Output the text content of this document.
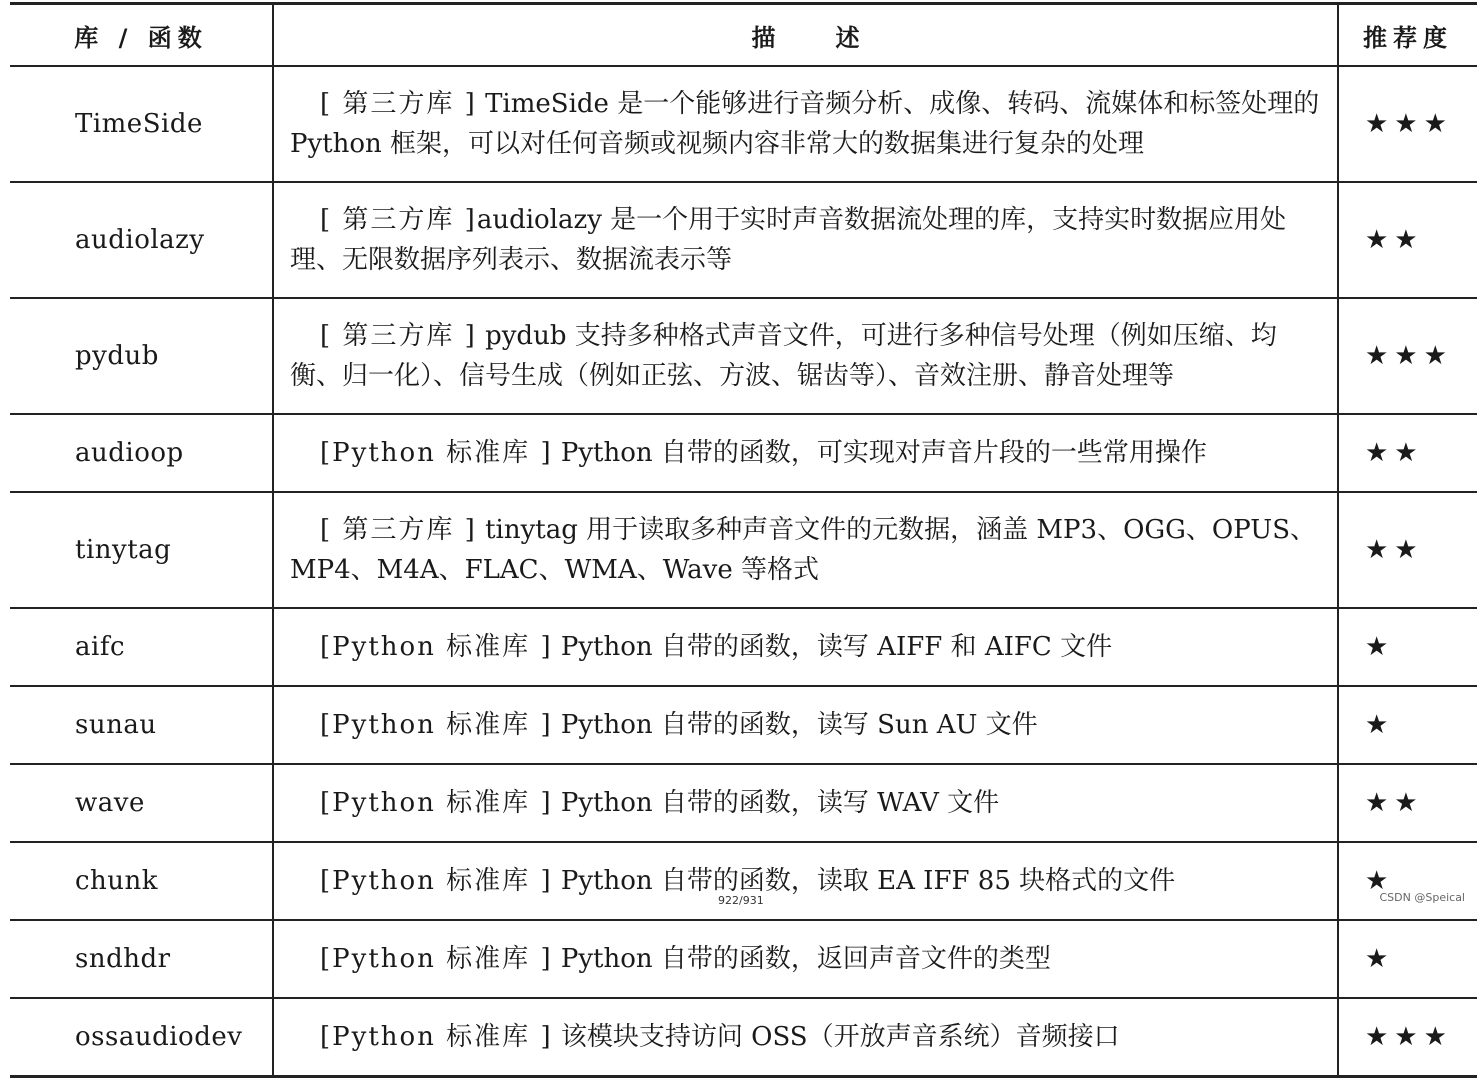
库 / 函数	描述	推荐度
TimeSide	[ 第三方库 ] TimeSide 是一个能够进行音频分析、成像、转码、流媒体和标签处理的 Python 框架，可以对任何音频或视频内容非常大的数据集进行复杂的处理	★★★
audiolazy	[ 第三方库 ]audiolazy 是一个用于实时声音数据流处理的库，支持实时数据应用处理、无限数据序列表示、数据流表示等	★★
pydub	[ 第三方库 ] pydub 支持多种格式声音文件，可进行多种信号处理（例如压缩、均衡、归一化）、信号生成（例如正弦、方波、锯齿等）、音效注册、静音处理等	★★★
audioop	[Python 标准库 ] Python 自带的函数，可实现对声音片段的一些常用操作	★★
tinytag	[ 第三方库 ] tinytag 用于读取多种声音文件的元数据，涵盖 MP3、OGG、OPUS、MP4、M4A、FLAC、WMA、Wave 等格式	★★
aifc	[Python 标准库 ] Python 自带的函数，读写 AIFF 和 AIFC 文件	★
sunau	[Python 标准库 ] Python 自带的函数，读写 Sun AU 文件	★
wave	[Python 标准库 ] Python 自带的函数，读写 WAV 文件	★★
chunk	[Python 标准库 ] Python 自带的函数，读取 EA IFF 85 块格式的文件	★
sndhdr	[Python 标准库 ] Python 自带的函数，返回声音文件的类型	★
ossaudiodev	[Python 标准库 ] 该模块支持访问 OSS（开放声音系统）音频接口	★★★
922/931	CSDN @Speical
